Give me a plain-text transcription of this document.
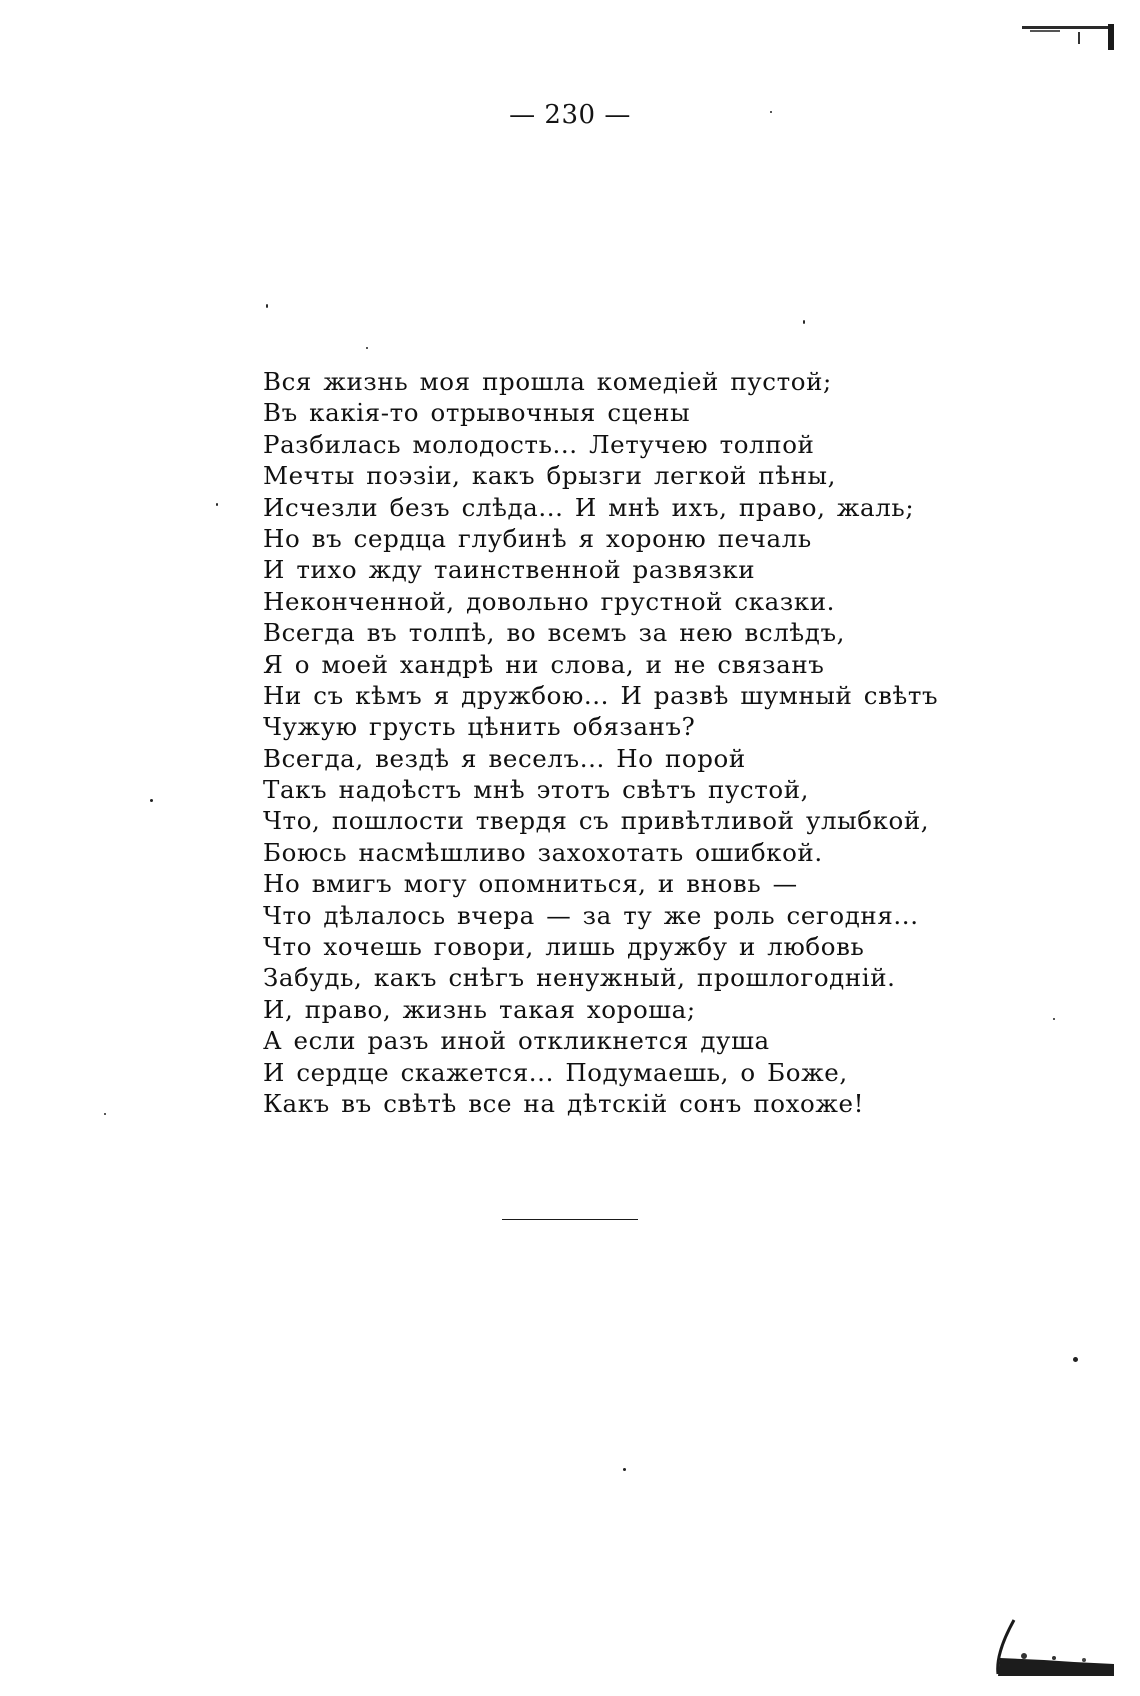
— 230 —
Вся жизнь моя прошла комедіей пустой;
Въ какія-то отрывочныя сцены
Разбилась молодость... Летучею толпой
Мечты поэзіи, какъ брызги легкой пѣны,
Исчезли безъ слѣда... И мнѣ ихъ, право, жаль;
Но въ сердца глубинѣ я хороню печаль
И тихо жду таинственной развязки
Неконченной, довольно грустной сказки.
Всегда въ толпѣ, во всемъ за нею вслѣдъ,
Я о моей хандрѣ ни слова, и не связанъ
Ни съ кѣмъ я дружбою... И развѣ шумный свѣтъ
Чужую грусть цѣнить обязанъ?
Всегда, вездѣ я веселъ... Но порой
Такъ надоѣстъ мнѣ этотъ свѣтъ пустой,
Что, пошлости твердя съ привѣтливой улыбкой,
Боюсь насмѣшливо захохотать ошибкой.
Но вмигъ могу опомниться, и вновь —
Что дѣлалось вчера — за ту же роль сегодня...
Что хочешь говори, лишь дружбу и любовь
Забудь, какъ снѣгъ ненужный, прошлогодній.
И, право, жизнь такая хороша;
А если разъ иной откликнется душа
И сердце скажется... Подумаешь, о Боже,
Какъ въ свѣтѣ все на дѣтскій сонъ похоже!
